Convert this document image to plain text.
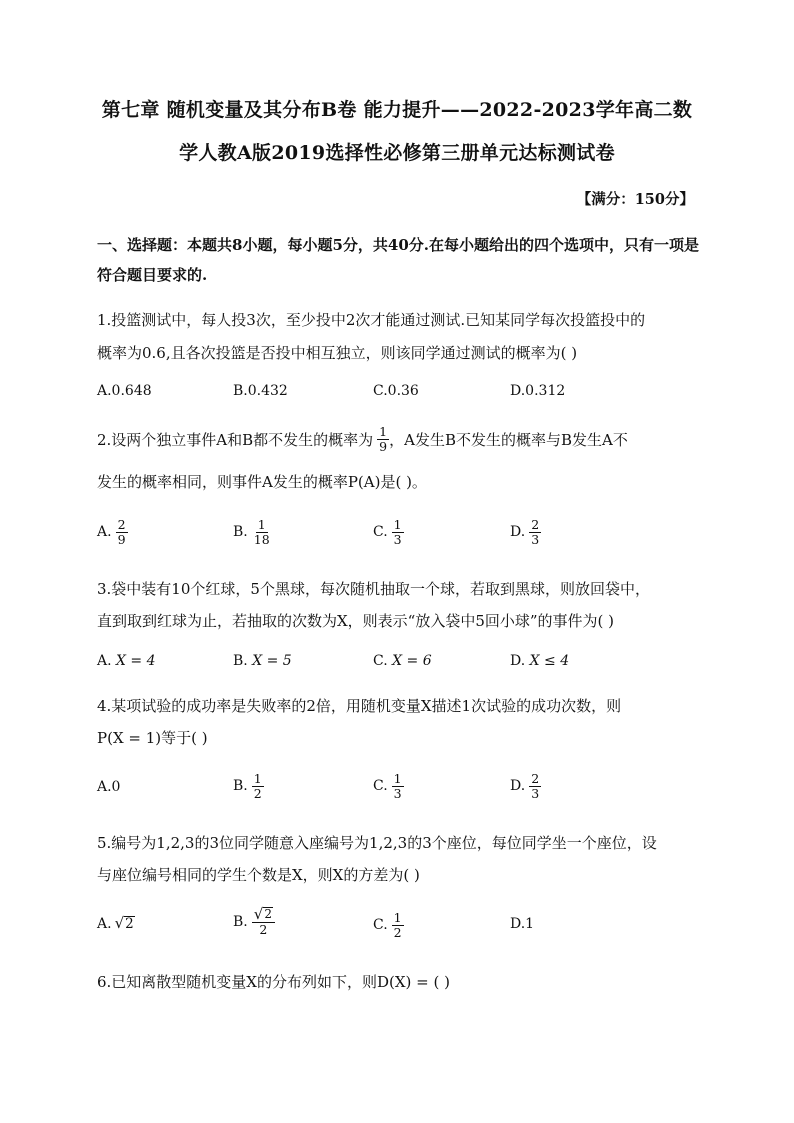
第七章 随机变量及其分布B卷 能力提升——2022-2023学年高二数
学人教A版2019选择性必修第三册单元达标测试卷
【满分：150分】
一、选择题：本题共8小题，每小题5分，共40分.在每小题给出的四个选项中，只有一项是符合题目要求的.
1.投篮测试中，每人投3次，至少投中2次才能通过测试.已知某同学每次投篮投中的
概率为0.6,且各次投篮是否投中相互独立，则该同学通过测试的概率为( )
A.0.648	B.0.432	C.0.36	D.0.312
2.设两个独立事件A和B都不发生的概率为 $\frac{1}{9}$ ，A发生B不发生的概率与B发生A不
发生的概率相同，则事件A发生的概率P(A)是( )。
A. $\frac{2}{9}$	B. $\frac{1}{18}$	C. $\frac{1}{3}$	D. $\frac{2}{3}$
3.袋中装有10个红球，5个黑球，每次随机抽取一个球，若取到黑球，则放回袋中，
直到取到红球为止，若抽取的次数为X，则表示“放入袋中5回小球”的事件为( )
A.
X = 4	B.
X = 5	C.
X = 6	D.
X ≤ 4
4.某项试验的成功率是失败率的2倍，用随机变量X描述1次试验的成功次数，则
P(X = 1)等于( )
A.0	B. $\frac{1}{2}$	C. $\frac{1}{3}$	D. $\frac{2}{3}$
5.编号为1,2,3的3位同学随意入座编号为1,2,3的3个座位，每位同学坐一个座位，设
与座位编号相同的学生个数是X，则X的方差为( )
A. √ 2	B. $\frac{√ 2}{2}$	C. $\frac{1}{2}$	D.1
6.已知离散型随机变量X的分布列如下，则D(X) = ( )
